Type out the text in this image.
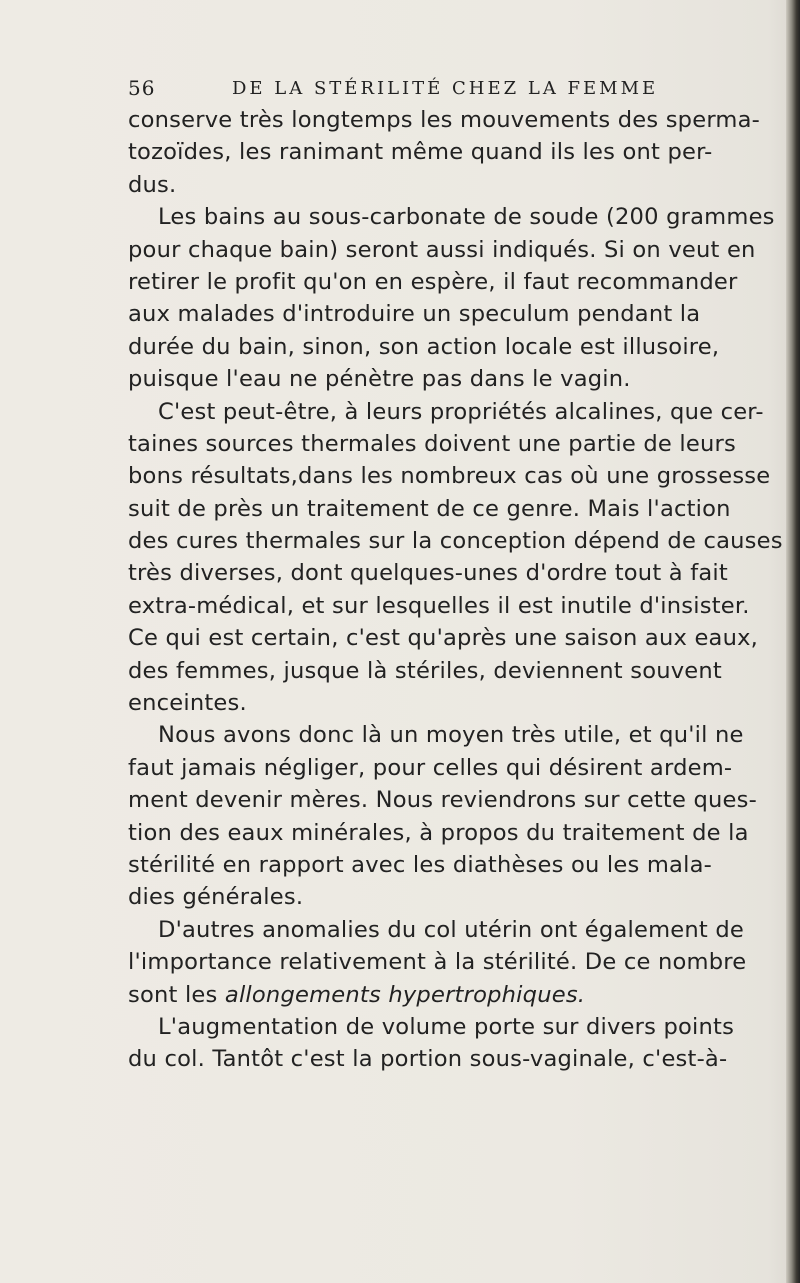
56	DE LA STÉRILITÉ CHEZ LA FEMME
conserve très longtemps les mouvements des sperma-
tozoïdes, les ranimant même quand ils les ont per-
dus.
Les bains au sous-carbonate de soude (200 grammes
pour chaque bain) seront aussi indiqués. Si on veut en
retirer le profit qu'on en espère, il faut recommander
aux malades d'introduire un speculum pendant la
durée du bain, sinon, son action locale est illusoire,
puisque l'eau ne pénètre pas dans le vagin.
C'est peut-être, à leurs propriétés alcalines, que cer-
taines sources thermales doivent une partie de leurs
bons résultats,dans les nombreux cas où une grossesse
suit de près un traitement de ce genre. Mais l'action
des cures thermales sur la conception dépend de causes
très diverses, dont quelques-unes d'ordre tout à fait
extra-médical, et sur lesquelles il est inutile d'insister.
Ce qui est certain, c'est qu'après une saison aux eaux,
des femmes, jusque là stériles, deviennent souvent
enceintes.
Nous avons donc là un moyen très utile, et qu'il ne
faut jamais négliger, pour celles qui désirent ardem-
ment devenir mères. Nous reviendrons sur cette ques-
tion des eaux minérales, à propos du traitement de la
stérilité en rapport avec les diathèses ou les mala-
dies générales.
D'autres anomalies du col utérin ont également de
l'importance relativement à la stérilité. De ce nombre
sont les allongements hypertrophiques.
L'augmentation de volume porte sur divers points
du col. Tantôt c'est la portion sous-vaginale, c'est-à-
